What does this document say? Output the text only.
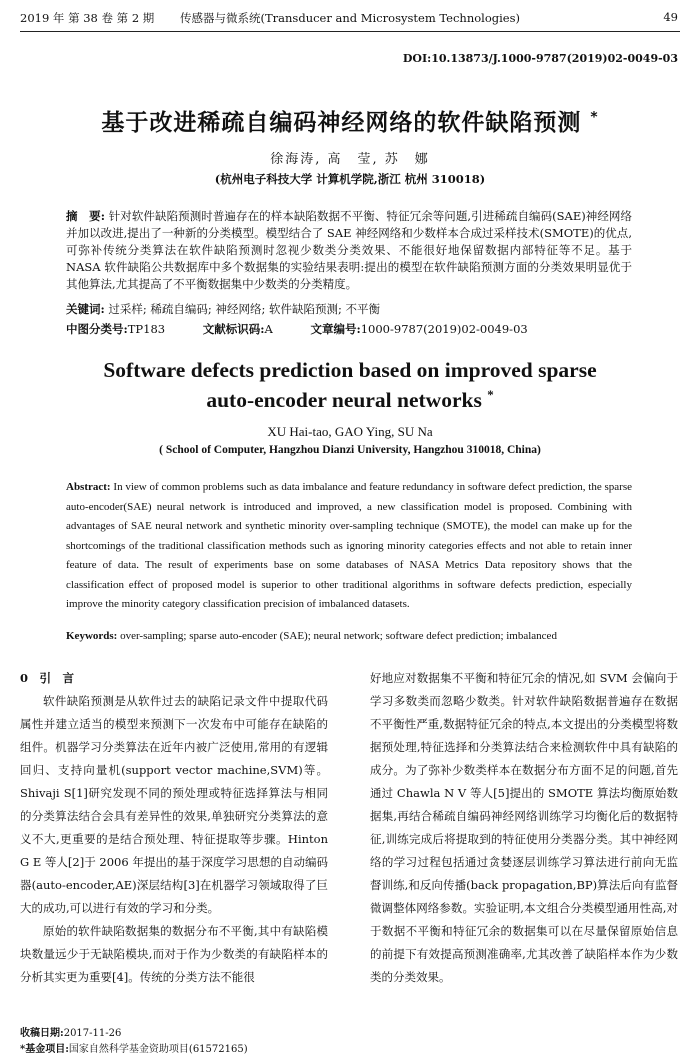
2019 年 第 38 卷 第 2 期	传感器与微系统(Transducer and Microsystem Technologies)	49
DOI:10.13873/J.1000-9787(2019)02-0049-03
基于改进稀疏自编码神经网络的软件缺陷预测 *
徐海涛, 高　莹, 苏　娜
(杭州电子科技大学 计算机学院,浙江 杭州 310018)
摘　要: 针对软件缺陷预测时普遍存在的样本缺陷数据不平衡、特征冗余等问题,引进稀疏自编码(SAE)神经网络并加以改进,提出了一种新的分类模型。模型结合了 SAE 神经网络和少数样本合成过采样技术(SMOTE)的优点,可弥补传统分类算法在软件缺陷预测时忽视少数类分类效果、不能很好地保留数据内部特征等不足。基于 NASA 软件缺陷公共数据库中多个数据集的实验结果表明:提出的模型在软件缺陷预测方面的分类效果明显优于其他算法,尤其提高了不平衡数据集中少数类的分类精度。
关键词: 过采样; 稀疏自编码; 神经网络; 软件缺陷预测; 不平衡
中图分类号:TP183	文献标识码:A	文章编号:1000-9787(2019)02-0049-03
Software defects prediction based on improved sparse
auto-encoder neural networks *
XU Hai-tao, GAO Ying, SU Na
( School of Computer, Hangzhou Dianzi University, Hangzhou 310018, China)
Abstract: In view of common problems such as data imbalance and feature redundancy in software defect prediction, the sparse auto-encoder(SAE) neural network is introduced and improved, a new classification model is proposed. Combining with advantages of SAE neural network and synthetic minority over-sampling technique (SMOTE), the model can make up for the shortcomings of the traditional classification methods such as ignoring minority categories effects and not able to retain inner feature of data. The result of experiments base on some databases of NASA Metrics Data repository shows that the classification effect of proposed model is superior to other traditional algorithms in software defects prediction, especially improve the minority category classification precision of imbalanced datasets.
Keywords: over-sampling; sparse auto-encoder (SAE); neural network; software defect prediction; imbalanced

0　引　言

软件缺陷预测是从软件过去的缺陷记录文件中提取代码属性并建立适当的模型来预测下一次发布中可能存在缺陷的组件。机器学习分类算法在近年内被广泛使用,常用的有逻辑回归、支持向量机(support vector machine,SVM)等。Shivaji S[1]研究发现不同的预处理或特征选择算法与相同的分类算法结合会具有差异性的效果,单独研究分类算法的意义不大,更重要的是结合预处理、特征提取等步骤。Hinton G E 等人[2]于 2006 年提出的基于深度学习思想的自动编码器(auto-encoder,AE)深层结构[3]在机器学习领域取得了巨大的成功,可以进行有效的学习和分类。

原始的软件缺陷数据集的数据分布不平衡,其中有缺陷模块数量远少于无缺陷模块,而对于作为少数类的有缺陷样本的分析其实更为重要[4]。传统的分类方法不能很

好地应对数据集不平衡和特征冗余的情况,如 SVM 会偏向于学习多数类而忽略少数类。针对软件缺陷数据普遍存在数据不平衡性严重,数据特征冗余的特点,本文提出的分类模型将数据预处理,特征选择和分类算法结合来检测软件中具有缺陷的成分。为了弥补少数类样本在数据分布方面不足的问题,首先通过 Chawla N V 等人[5]提出的 SMOTE 算法均衡原始数据集,再结合稀疏自编码神经网络训练学习均衡化后的数据特征,训练完成后将提取到的特征使用分类器分类。其中神经网络的学习过程包括通过贪婪逐层训练学习算法进行前向无监督训练,和反向传播(back propagation,BP)算法后向有监督微调整体网络参数。实验证明,本文组合分类模型通用性高,对于数据不平衡和特征冗余的数据集可以在尽量保留原始信息的前提下有效提高预测准确率,尤其改善了缺陷样本作为少数类的分类效果。

收稿日期:2017-11-26
*基金项目:国家自然科学基金资助项目(61572165)
